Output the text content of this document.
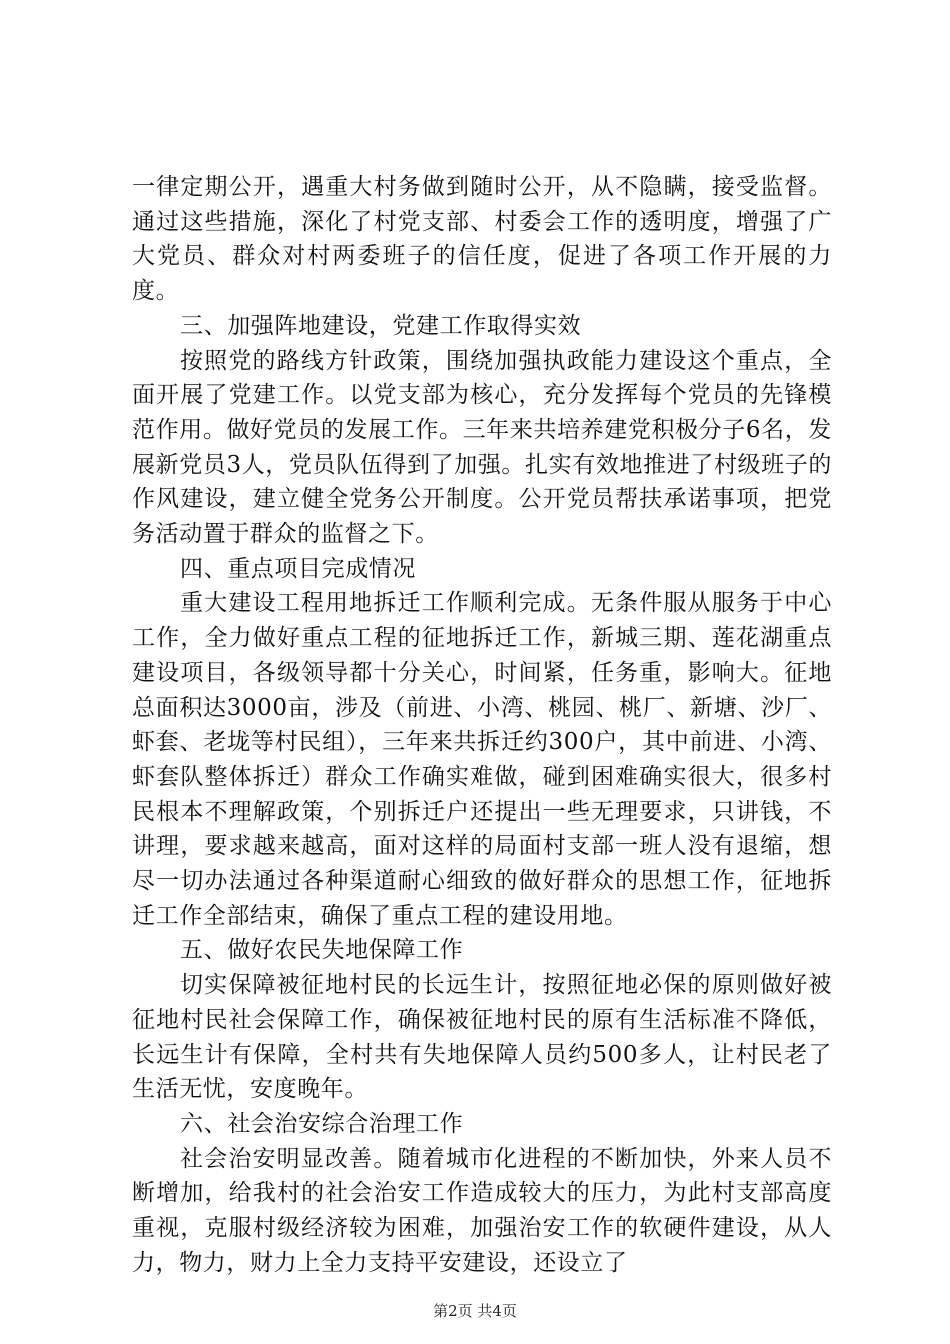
一律定期公开，遇重大村务做到随时公开，从不隐瞒，接受监督。通过这些措施，深化了村党支部、村委会工作的透明度，增强了广大党员、群众对村两委班子的信任度，促进了各项工作开展的力度。

三、加强阵地建设，党建工作取得实效

按照党的路线方针政策，围绕加强执政能力建设这个重点，全面开展了党建工作。以党支部为核心，充分发挥每个党员的先锋模范作用。做好党员的发展工作。三年来共培养建党积极分子6名，发展新党员3人，党员队伍得到了加强。扎实有效地推进了村级班子的作风建设，建立健全党务公开制度。公开党员帮扶承诺事项，把党务活动置于群众的监督之下。

四、重点项目完成情况

重大建设工程用地拆迁工作顺利完成。无条件服从服务于中心工作，全力做好重点工程的征地拆迁工作，新城三期、莲花湖重点建设项目，各级领导都十分关心，时间紧，任务重，影响大。征地总面积达3000亩，涉及（前进、小湾、桃园、桃厂、新塘、沙厂、虾套、老垅等村民组），三年来共拆迁约300户，其中前进、小湾、虾套队整体拆迁）群众工作确实难做，碰到困难确实很大，很多村民根本不理解政策，个别拆迁户还提出一些无理要求，只讲钱，不讲理，要求越来越高，面对这样的局面村支部一班人没有退缩，想尽一切办法通过各种渠道耐心细致的做好群众的思想工作，征地拆迁工作全部结束，确保了重点工程的建设用地。

五、做好农民失地保障工作

切实保障被征地村民的长远生计，按照征地必保的原则做好被征地村民社会保障工作，确保被征地村民的原有生活标准不降低，长远生计有保障，全村共有失地保障人员约500多人，让村民老了生活无忧，安度晚年。

六、社会治安综合治理工作

社会治安明显改善。随着城市化进程的不断加快，外来人员不断增加，给我村的社会治安工作造成较大的压力，为此村支部高度重视，克服村级经济较为困难，加强治安工作的软硬件建设，从人力，物力，财力上全力支持平安建设，还设立了

第2页 共4页
